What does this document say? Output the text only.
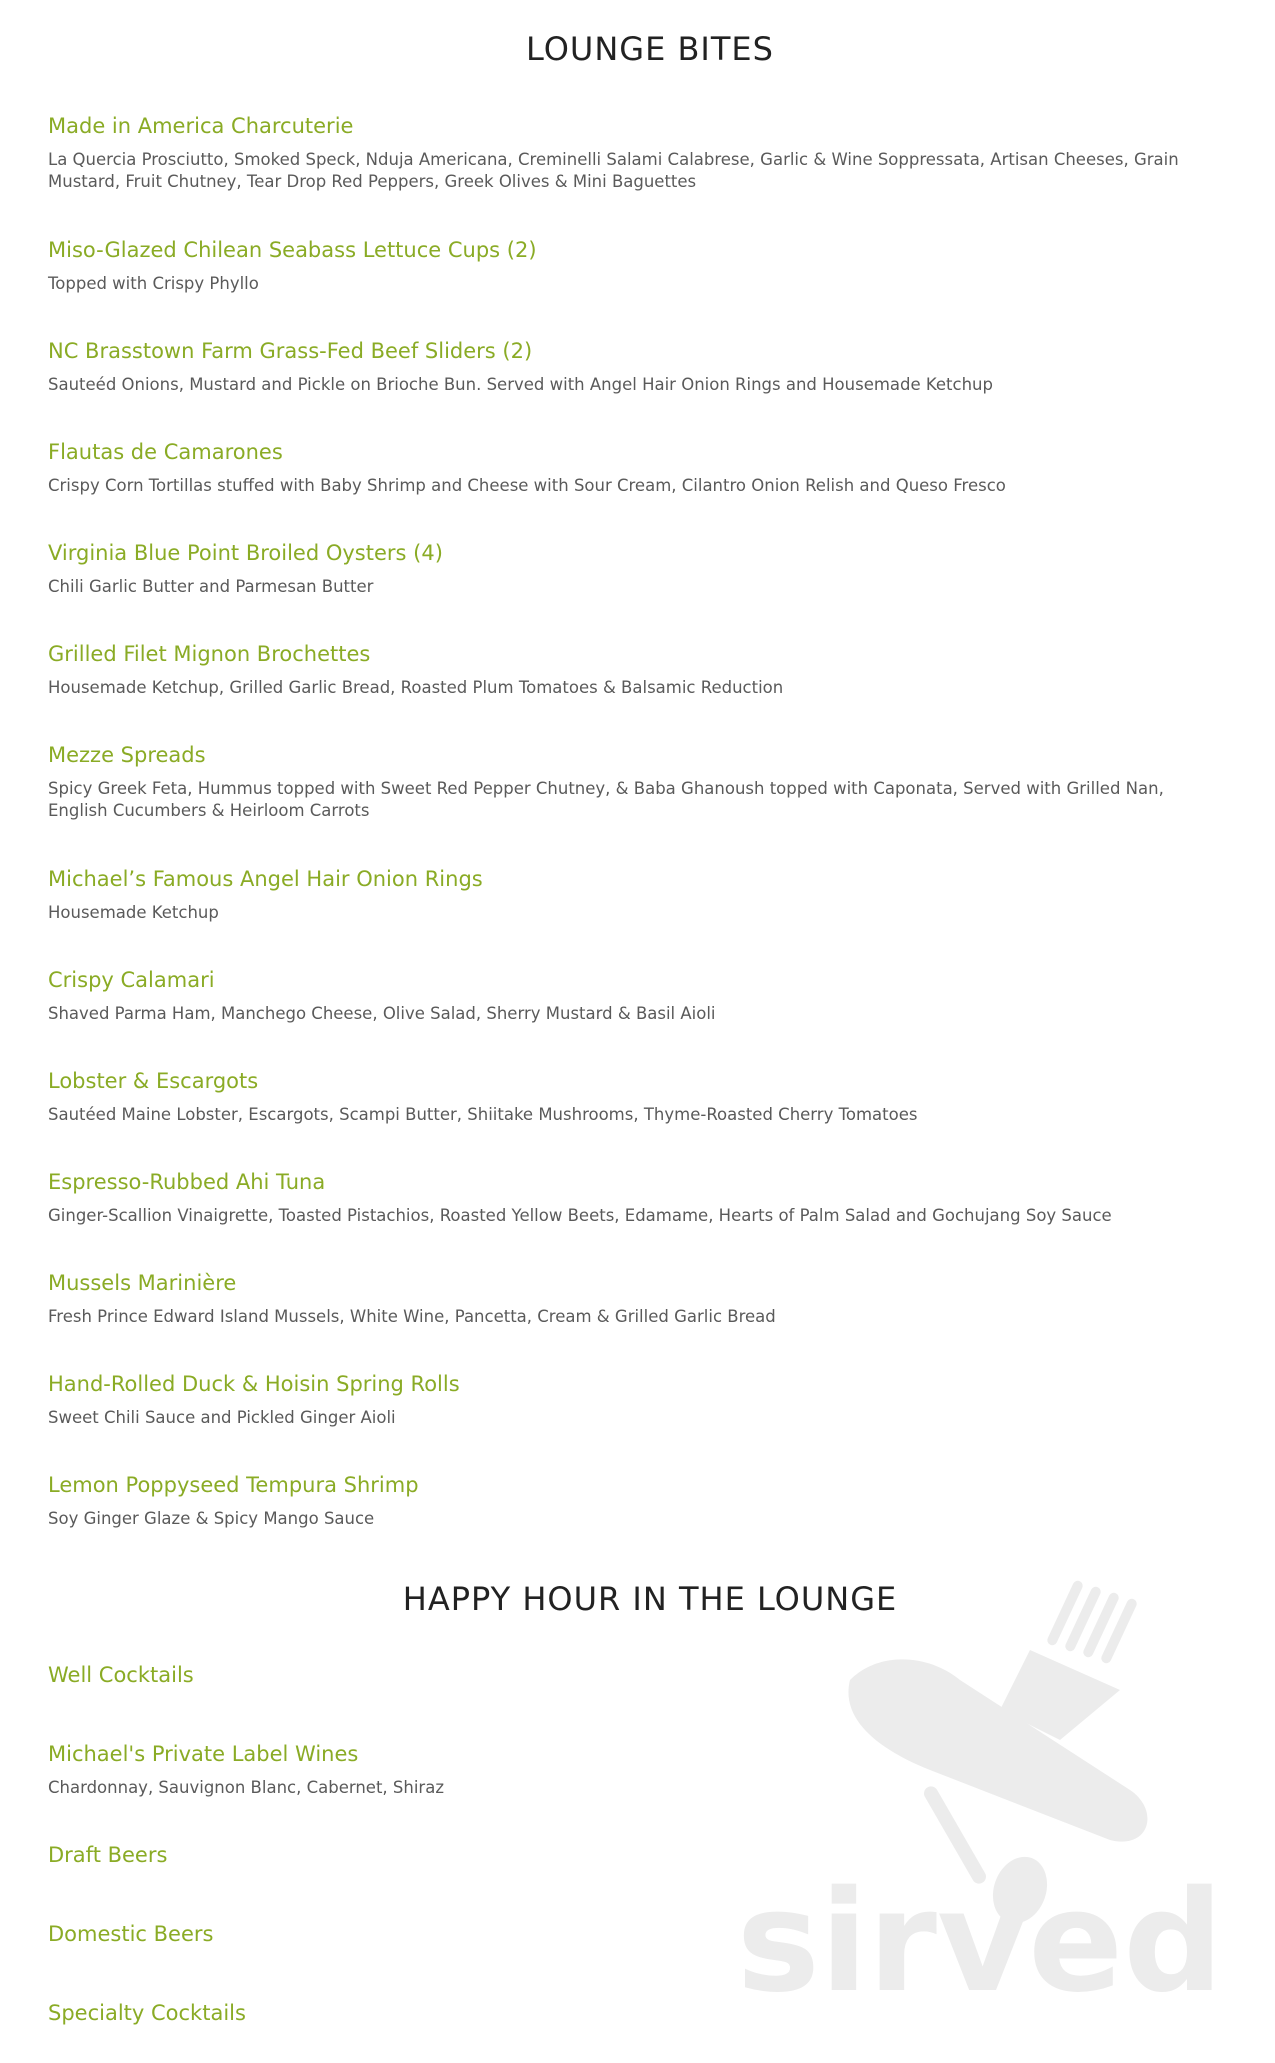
sirved
LOUNGE BITES
Made in America Charcuterie
La Quercia Prosciutto, Smoked Speck, Nduja Americana, Creminelli Salami Calabrese, Garlic & Wine Soppressata, Artisan Cheeses, Grain Mustard, Fruit Chutney, Tear Drop Red Peppers, Greek Olives & Mini Baguettes
Miso-Glazed Chilean Seabass Lettuce Cups (2)
Topped with Crispy Phyllo
NC Brasstown Farm Grass-Fed Beef Sliders (2)
Sauteéd Onions, Mustard and Pickle on Brioche Bun. Served with Angel Hair Onion Rings and Housemade Ketchup
Flautas de Camarones
Crispy Corn Tortillas stuffed with Baby Shrimp and Cheese with Sour Cream, Cilantro Onion Relish and Queso Fresco
Virginia Blue Point Broiled Oysters (4)
Chili Garlic Butter and Parmesan Butter
Grilled Filet Mignon Brochettes
Housemade Ketchup, Grilled Garlic Bread, Roasted Plum Tomatoes & Balsamic Reduction
Mezze Spreads
Spicy Greek Feta, Hummus topped with Sweet Red Pepper Chutney, & Baba Ghanoush topped with Caponata, Served with Grilled Nan, English Cucumbers & Heirloom Carrots
Michael’s Famous Angel Hair Onion Rings
Housemade Ketchup
Crispy Calamari
Shaved Parma Ham, Manchego Cheese, Olive Salad, Sherry Mustard & Basil Aioli
Lobster & Escargots
Sautéed Maine Lobster, Escargots, Scampi Butter, Shiitake Mushrooms, Thyme-Roasted Cherry Tomatoes
Espresso-Rubbed Ahi Tuna
Ginger-Scallion Vinaigrette, Toasted Pistachios, Roasted Yellow Beets, Edamame, Hearts of Palm Salad and Gochujang Soy Sauce
Mussels Marinière
Fresh Prince Edward Island Mussels, White Wine, Pancetta, Cream & Grilled Garlic Bread
Hand-Rolled Duck & Hoisin Spring Rolls
Sweet Chili Sauce and Pickled Ginger Aioli
Lemon Poppyseed Tempura Shrimp
Soy Ginger Glaze & Spicy Mango Sauce
HAPPY HOUR IN THE LOUNGE
Well Cocktails
Michael's Private Label Wines
Chardonnay, Sauvignon Blanc, Cabernet, Shiraz
Draft Beers
Domestic Beers
Specialty Cocktails
